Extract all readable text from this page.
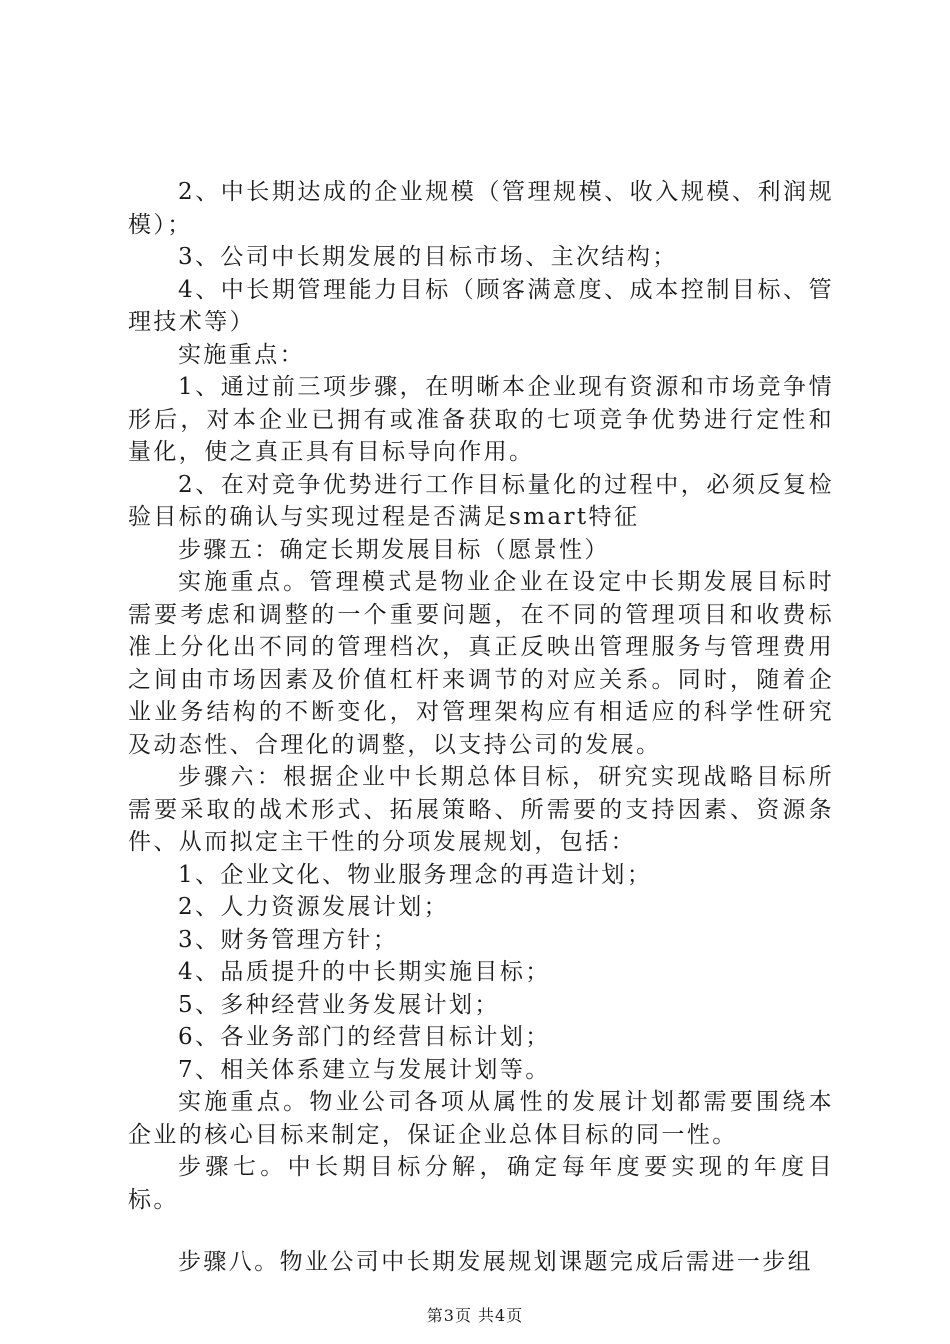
2、中长期达成的企业规模（管理规模、收入规模、利润规模）；

3、公司中长期发展的目标市场、主次结构；

4、中长期管理能力目标（顾客满意度、成本控制目标、管理技术等）

实施重点：

1、通过前三项步骤，在明晰本企业现有资源和市场竞争情形后，对本企业已拥有或准备获取的七项竞争优势进行定性和量化，使之真正具有目标导向作用。

2、在对竞争优势进行工作目标量化的过程中，必须反复检验目标的确认与实现过程是否满足smart特征

步骤五：确定长期发展目标（愿景性）

实施重点。管理模式是物业企业在设定中长期发展目标时需要考虑和调整的一个重要问题，在不同的管理项目和收费标准上分化出不同的管理档次，真正反映出管理服务与管理费用之间由市场因素及价值杠杆来调节的对应关系。同时，随着企业业务结构的不断变化，对管理架构应有相适应的科学性研究及动态性、合理化的调整，以支持公司的发展。

步骤六：根据企业中长期总体目标，研究实现战略目标所需要采取的战术形式、拓展策略、所需要的支持因素、资源条件、从而拟定主干性的分项发展规划，包括：

1、企业文化、物业服务理念的再造计划；

2、人力资源发展计划；

3、财务管理方针；

4、品质提升的中长期实施目标；

5、多种经营业务发展计划；

6、各业务部门的经营目标计划；

7、相关体系建立与发展计划等。

实施重点。物业公司各项从属性的发展计划都需要围绕本企业的核心目标来制定，保证企业总体目标的同一性。

步骤七。中长期目标分解，确定每年度要实现的年度目标。

步骤八。物业公司中长期发展规划课题完成后需进一步组

第3页 共4页
